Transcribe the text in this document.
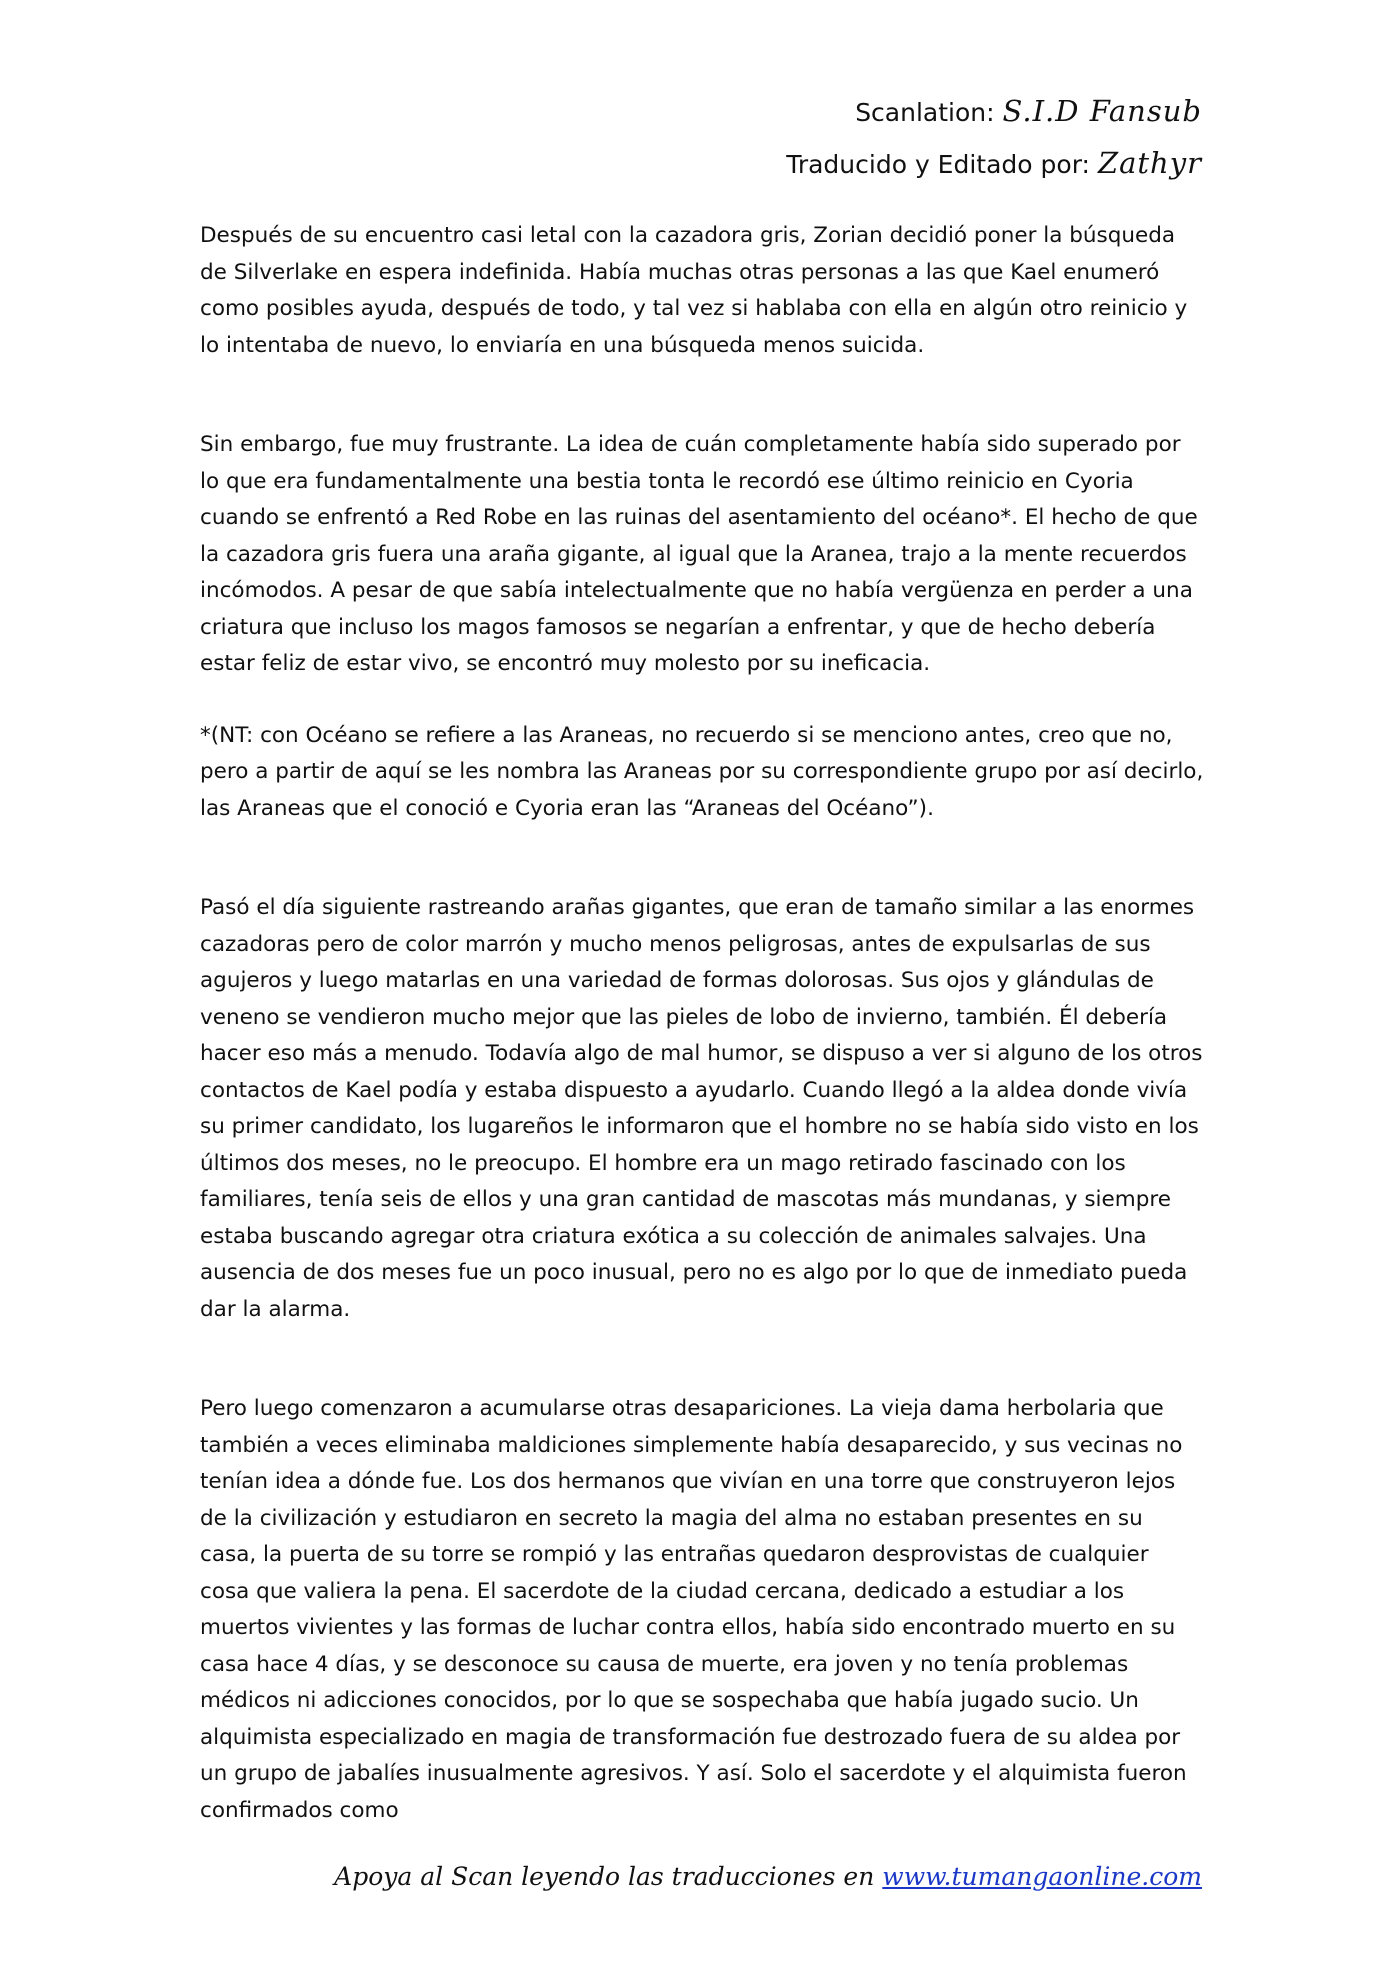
Scanlation: S.I.D Fansub
Traducido y Editado por: Zathyr

Después de su encuentro casi letal con la cazadora gris, Zorian decidió poner la búsqueda de Silverlake en espera indefinida. Había muchas otras personas a las que Kael enumeró como posibles ayuda, después de todo, y tal vez si hablaba con ella en algún otro reinicio y lo intentaba de nuevo, lo enviaría en una búsqueda menos suicida.

Sin embargo, fue muy frustrante. La idea de cuán completamente había sido superado por lo que era fundamentalmente una bestia tonta le recordó ese último reinicio en Cyoria cuando se enfrentó a Red Robe en las ruinas del asentamiento del océano*. El hecho de que la cazadora gris fuera una araña gigante, al igual que la Aranea, trajo a la mente recuerdos incómodos. A pesar de que sabía intelectualmente que no había vergüenza en perder a una criatura que incluso los magos famosos se negarían a enfrentar, y que de hecho debería estar feliz de estar vivo, se encontró muy molesto por su ineficacia.

*(NT: con Océano se refiere a las Araneas, no recuerdo si se menciono antes, creo que no, pero a partir de aquí se les nombra las Araneas por su correspondiente grupo por así decirlo, las Araneas que el conoció e Cyoria eran las “Araneas del Océano”).

Pasó el día siguiente rastreando arañas gigantes, que eran de tamaño similar a las enormes cazadoras pero de color marrón y mucho menos peligrosas, antes de expulsarlas de sus agujeros y luego matarlas en una variedad de formas dolorosas. Sus ojos y glándulas de veneno se vendieron mucho mejor que las pieles de lobo de invierno, también. Él debería hacer eso más a menudo. Todavía algo de mal humor, se dispuso a ver si alguno de los otros contactos de Kael podía y estaba dispuesto a ayudarlo. Cuando llegó a la aldea donde vivía su primer candidato, los lugareños le informaron que el hombre no se había sido visto en los últimos dos meses, no le preocupo. El hombre era un mago retirado fascinado con los familiares, tenía seis de ellos y una gran cantidad de mascotas más mundanas, y siempre estaba buscando agregar otra criatura exótica a su colección de animales salvajes. Una ausencia de dos meses fue un poco inusual, pero no es algo por lo que de inmediato pueda dar la alarma.

Pero luego comenzaron a acumularse otras desapariciones. La vieja dama herbolaria que también a veces eliminaba maldiciones simplemente había desaparecido, y sus vecinas no tenían idea a dónde fue. Los dos hermanos que vivían en una torre que construyeron lejos de la civilización y estudiaron en secreto la magia del alma no estaban presentes en su casa, la puerta de su torre se rompió y las entrañas quedaron desprovistas de cualquier cosa que valiera la pena. El sacerdote de la ciudad cercana, dedicado a estudiar a los muertos vivientes y las formas de luchar contra ellos, había sido encontrado muerto en su casa hace 4 días, y se desconoce su causa de muerte, era joven y no tenía problemas médicos ni adicciones conocidos, por lo que se sospechaba que había jugado sucio. Un alquimista especializado en magia de transformación fue destrozado fuera de su aldea por un grupo de jabalíes inusualmente agresivos. Y así. Solo el sacerdote y el alquimista fueron confirmados como

Apoya al Scan leyendo las traducciones en www.tumangaonline.com
